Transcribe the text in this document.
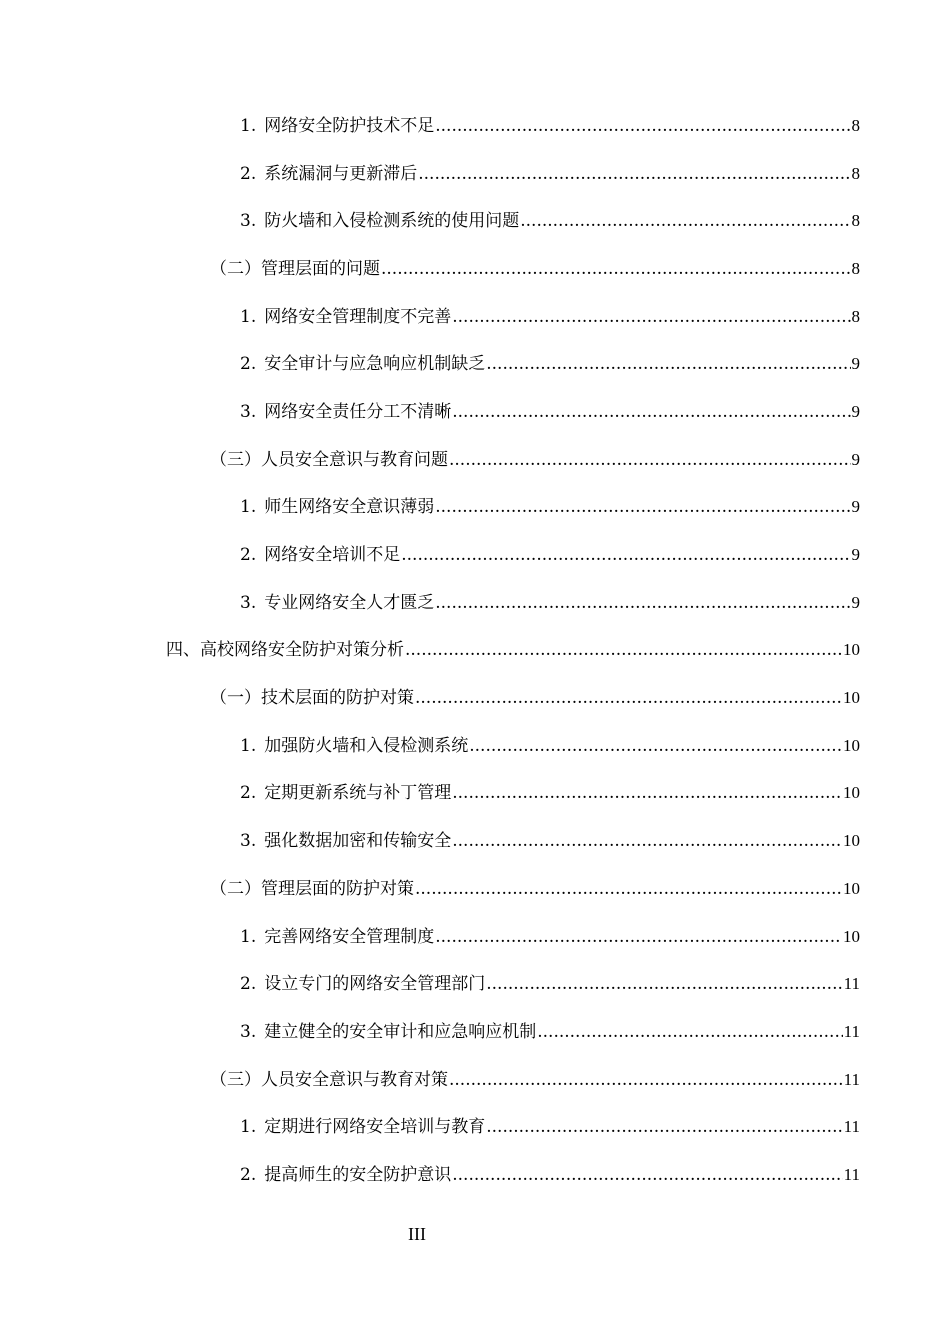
1. 网络安全防护技术不足 .....	8
2. 系统漏洞与更新滞后 .....	8
3. 防火墙和入侵检测系统的使用问题 .....	8
（二）管理层面的问题 .....	8
1. 网络安全管理制度不完善 .....	8
2. 安全审计与应急响应机制缺乏 .....	9
3. 网络安全责任分工不清晰 .....	9
（三）人员安全意识与教育问题 .....	9
1. 师生网络安全意识薄弱 .....	9
2. 网络安全培训不足 .....	9
3. 专业网络安全人才匮乏 .....	9
四、高校网络安全防护对策分析 .....	10
（一）技术层面的防护对策 .....	10
1. 加强防火墙和入侵检测系统 .....	10
2. 定期更新系统与补丁管理 .....	10
3. 强化数据加密和传输安全 .....	10
（二）管理层面的防护对策 .....	10
1. 完善网络安全管理制度 .....	10
2. 设立专门的网络安全管理部门 .....	11
3. 建立健全的安全审计和应急响应机制 .....	11
（三）人员安全意识与教育对策 .....	11
1. 定期进行网络安全培训与教育 .....	11
2. 提高师生的安全防护意识 .....	11
III
